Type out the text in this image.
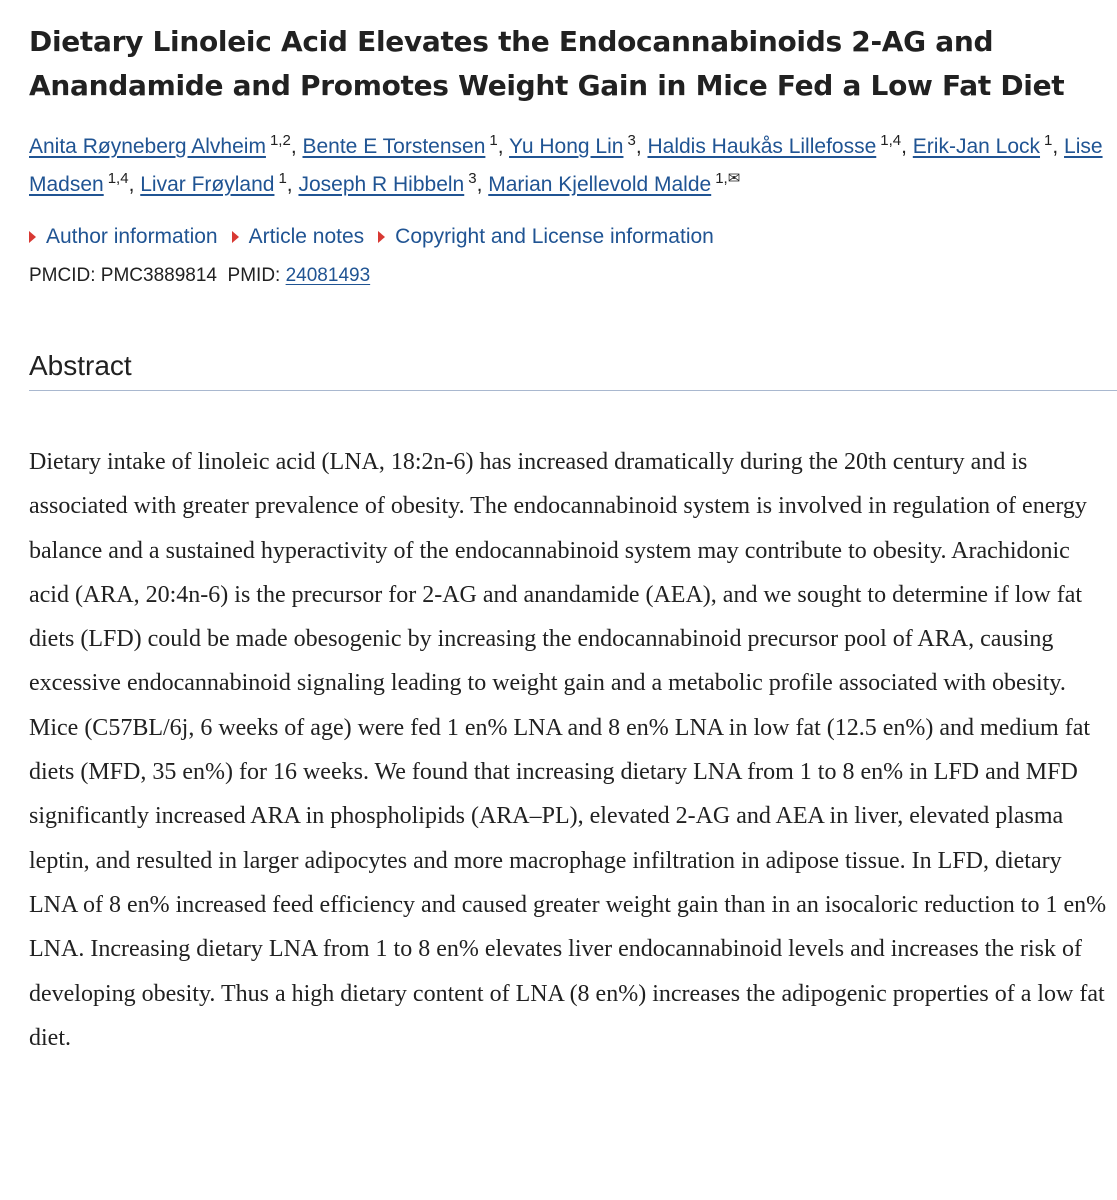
Dietary Linoleic Acid Elevates the Endocannabinoids 2-AG and Anandamide and Promotes Weight Gain in Mice Fed a Low Fat Diet
Anita Røyneberg Alvheim $^{1,2}$, Bente E Torstensen $^1$, Yu Hong Lin $^3$, Haldis Haukås Lillefosse $^{1,4}$, Erik-Jan Lock $^1$, Lise Madsen $^{1,4}$, Livar Frøyland $^1$, Joseph R Hibbeln $^3$, Marian Kjellevold Malde $^{1,✉}$
Author information Article notes Copyright and License information
PMCID: PMC3889814 PMID: 24081493
Abstract

Dietary intake of linoleic acid (LNA, 18:2n-6) has increased dramatically during the 20th century and is associated with greater prevalence of obesity. The endocannabinoid system is involved in regulation of energy balance and a sustained hyperactivity of the endocannabinoid system may contribute to obesity. Arachidonic acid (ARA, 20:4n-6) is the precursor for 2-AG and anandamide (AEA), and we sought to determine if low fat diets (LFD) could be made obesogenic by increasing the endocannabinoid precursor pool of ARA, causing excessive endocannabinoid signaling leading to weight gain and a metabolic profile associated with obesity. Mice (C57BL/6j, 6 weeks of age) were fed 1 en% LNA and 8 en% LNA in low fat (12.5 en%) and medium fat diets (MFD, 35 en%) for 16 weeks. We found that increasing dietary LNA from 1 to 8 en% in LFD and MFD significantly increased ARA in phospholipids (ARA–PL), elevated 2-AG and AEA in liver, elevated plasma leptin, and resulted in larger adipocytes and more macrophage infiltration in adipose tissue. In LFD, dietary LNA of 8 en% increased feed efficiency and caused greater weight gain than in an isocaloric reduction to 1 en% LNA. Increasing dietary LNA from 1 to 8 en% elevates liver endocannabinoid levels and increases the risk of developing obesity. Thus a high dietary content of LNA (8 en%) increases the adipogenic properties of a low fat diet.
